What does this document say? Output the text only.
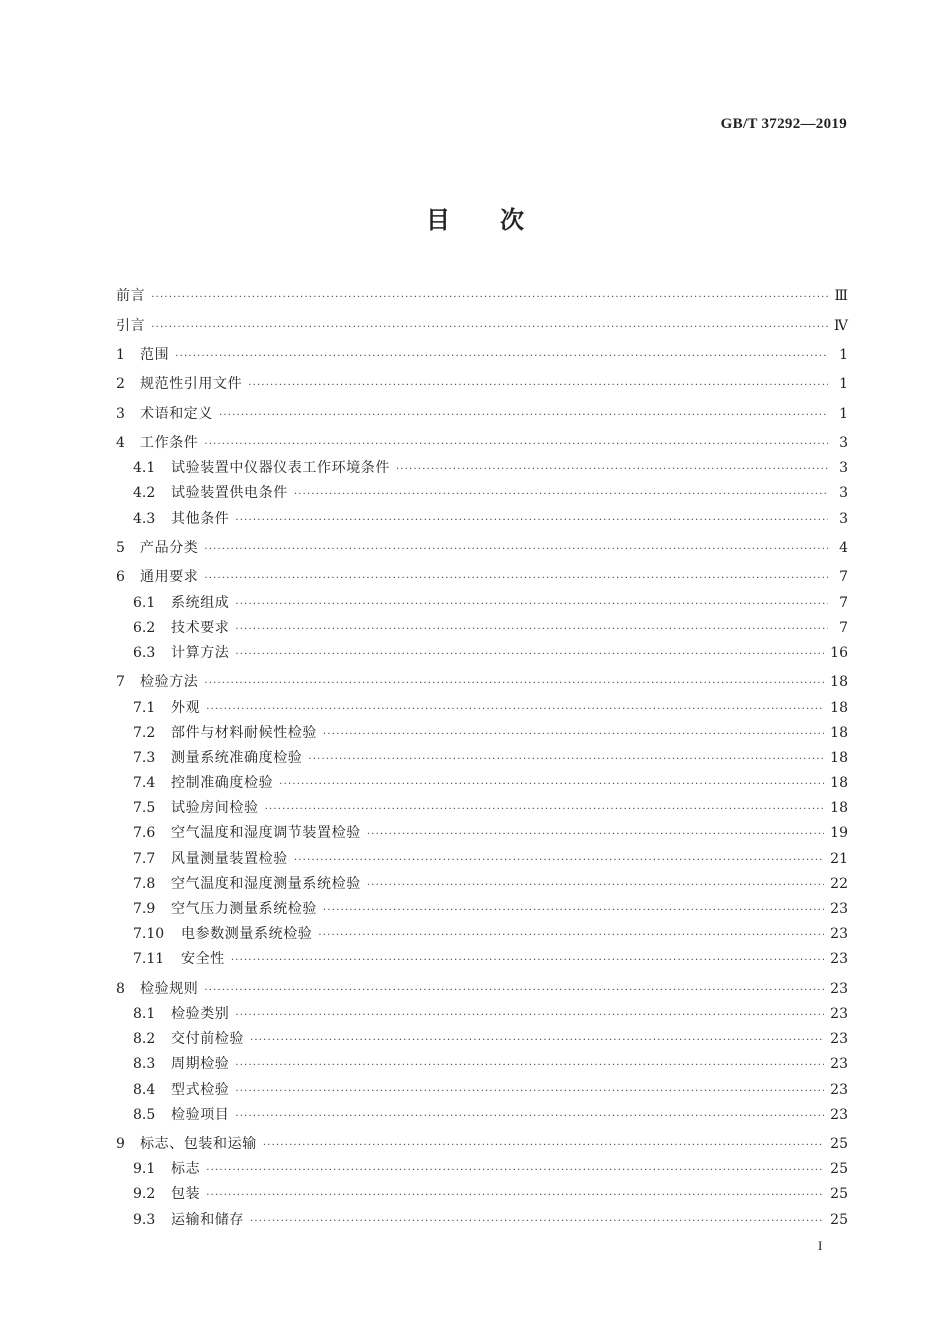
GB/T 37292—2019
目 次
前言 ·····	Ⅲ
引言 ·····	Ⅳ
1	范围 ·····	1
2	规范性引用文件 ·····	1
3	术语和定义 ·····	1
4	工作条件 ·····	3
4.1	试验装置中仪器仪表工作环境条件 ·····	3
4.2	试验装置供电条件 ·····	3
4.3	其他条件 ·····	3
5	产品分类 ·····	4
6	通用要求 ·····	7
6.1	系统组成 ·····	7
6.2	技术要求 ·····	7
6.3	计算方法 ·····	16
7	检验方法 ·····	18
7.1	外观 ·····	18
7.2	部件与材料耐候性检验 ·····	18
7.3	测量系统准确度检验 ·····	18
7.4	控制准确度检验 ·····	18
7.5	试验房间检验 ·····	18
7.6	空气温度和湿度调节装置检验 ·····	19
7.7	风量测量装置检验 ·····	21
7.8	空气温度和湿度测量系统检验 ·····	22
7.9	空气压力测量系统检验 ·····	23
7.10	电参数测量系统检验 ·····	23
7.11	安全性 ·····	23
8	检验规则 ·····	23
8.1	检验类别 ·····	23
8.2	交付前检验 ·····	23
8.3	周期检验 ·····	23
8.4	型式检验 ·····	23
8.5	检验项目 ·····	23
9	标志、包装和运输 ·····	25
9.1	标志 ·····	25
9.2	包装 ·····	25
9.3	运输和储存 ·····	25
I
